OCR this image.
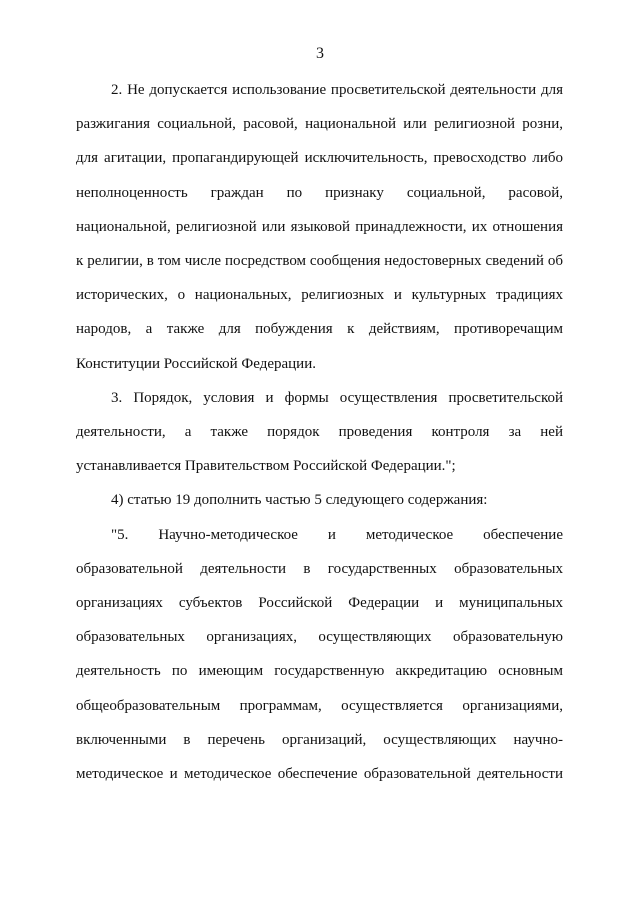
3

2. Не допускается использование просветительской деятельности для разжигания социальной, расовой, национальной или религиозной розни, для агитации, пропагандирующей исключительность, превосходство либо неполноценность граждан по признаку социальной, расовой, национальной, религиозной или языковой принадлежности, их отношения к религии, в том числе посредством сообщения недостоверных сведений об исторических, о национальных, религиозных и культурных традициях народов, а также для побуждения к действиям, противоречащим Конституции Российской Федерации.

3. Порядок, условия и формы осуществления просветительской деятельности, а также порядок проведения контроля за ней устанавливается Правительством Российской Федерации.";

4) статью 19 дополнить частью 5 следующего содержания:

"5. Научно-методическое и методическое обеспечение образовательной деятельности в государственных образовательных организациях субъектов Российской Федерации и муниципальных образовательных организациях, осуществляющих образовательную деятельность по имеющим государственную аккредитацию основным общеобразовательным программам, осуществляется организациями, включенными в перечень организаций, осуществляющих научно-методическое и методическое обеспечение образовательной деятельности
